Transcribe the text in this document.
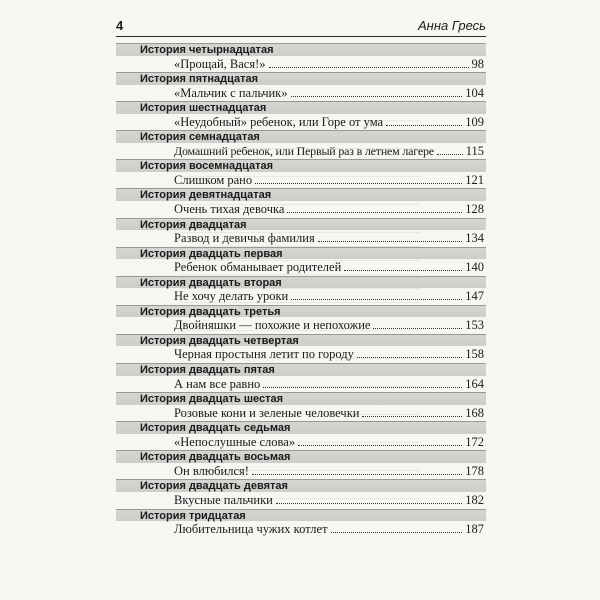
4	Анна Гресь
История четырнадцатая
«Прощай, Вася!»	98
История пятнадцатая
«Мальчик с пальчик»	104
История шестнадцатая
«Неудобный» ребенок, или Горе от ума	109
История семнадцатая
Домашний ребенок, или Первый раз в летнем лагере	115
История восемнадцатая
Слишком рано	121
История девятнадцатая
Очень тихая девочка	128
История двадцатая
Развод и девичья фамилия	134
История двадцать первая
Ребенок обманывает родителей	140
История двадцать вторая
Не хочу делать уроки	147
История двадцать третья
Двойняшки — похожие и непохожие	153
История двадцать четвертая
Черная простыня летит по городу	158
История двадцать пятая
А нам все равно	164
История двадцать шестая
Розовые кони и зеленые человечки	168
История двадцать седьмая
«Непослушные слова»	172
История двадцать восьмая
Он влюбился!	178
История двадцать девятая
Вкусные пальчики	182
История тридцатая
Любительница чужих котлет	187
